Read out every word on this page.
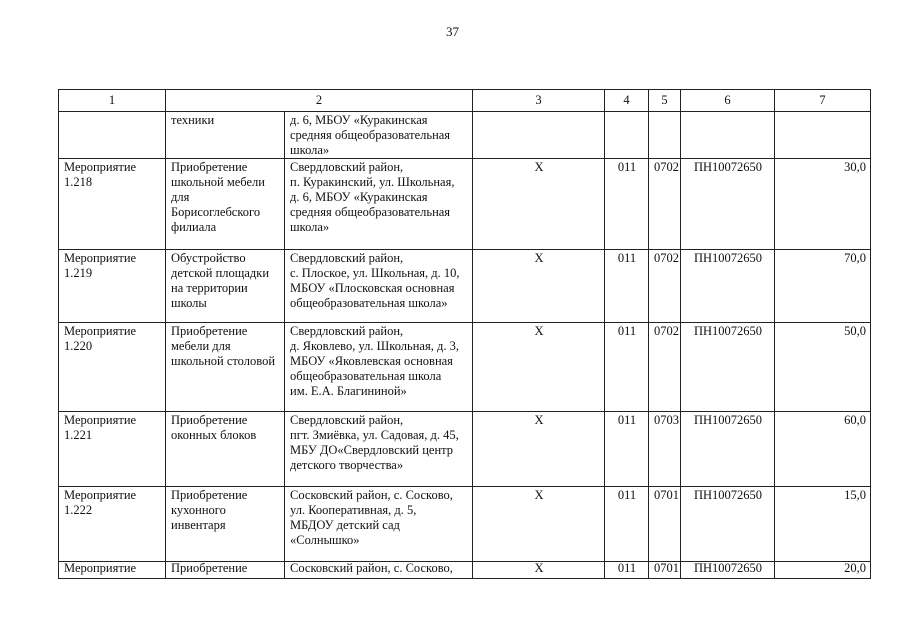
37
1	2		3	4	5	6	7

	техники	д. 6, МБОУ «Куракинская
средняя общеобразовательная
школа»					

Мероприятие
1.218	Приобретение
школьной мебели
для
Борисоглебского
филиала	Свердловский район,
п. Куракинский, ул. Школьная,
д. 6, МБОУ «Куракинская
средняя общеобразовательная
школа»	Х	011	0702	ПН10072650	30,0

Мероприятие
1.219	Обустройство
детской площадки
на территории
школы	Свердловский район,
с. Плоское, ул. Школьная, д. 10,
МБОУ «Плосковская основная
общеобразовательная школа»	Х	011	0702	ПН10072650	70,0

Мероприятие
1.220	Приобретение
мебели для
школьной столовой	Свердловский район,
д. Яковлево, ул. Школьная, д. 3,
МБОУ «Яковлевская основная
общеобразовательная школа
им. Е.А. Благининой»	Х	011	0702	ПН10072650	50,0

Мероприятие
1.221	Приобретение
оконных блоков	Свердловский район,
пгт. Змиёвка, ул. Садовая, д. 45,
МБУ ДО«Свердловский центр
детского творчества»	Х	011	0703	ПН10072650	60,0

Мероприятие
1.222	Приобретение
кухонного
инвентаря	Сосковский район, с. Сосково,
ул. Кооперативная, д. 5,
МБДОУ детский сад
«Солнышко»	Х	011	0701	ПН10072650	15,0

Мероприятие	Приобретение	Сосковский район, с. Сосково,	Х	011	0701	ПН10072650	20,0
